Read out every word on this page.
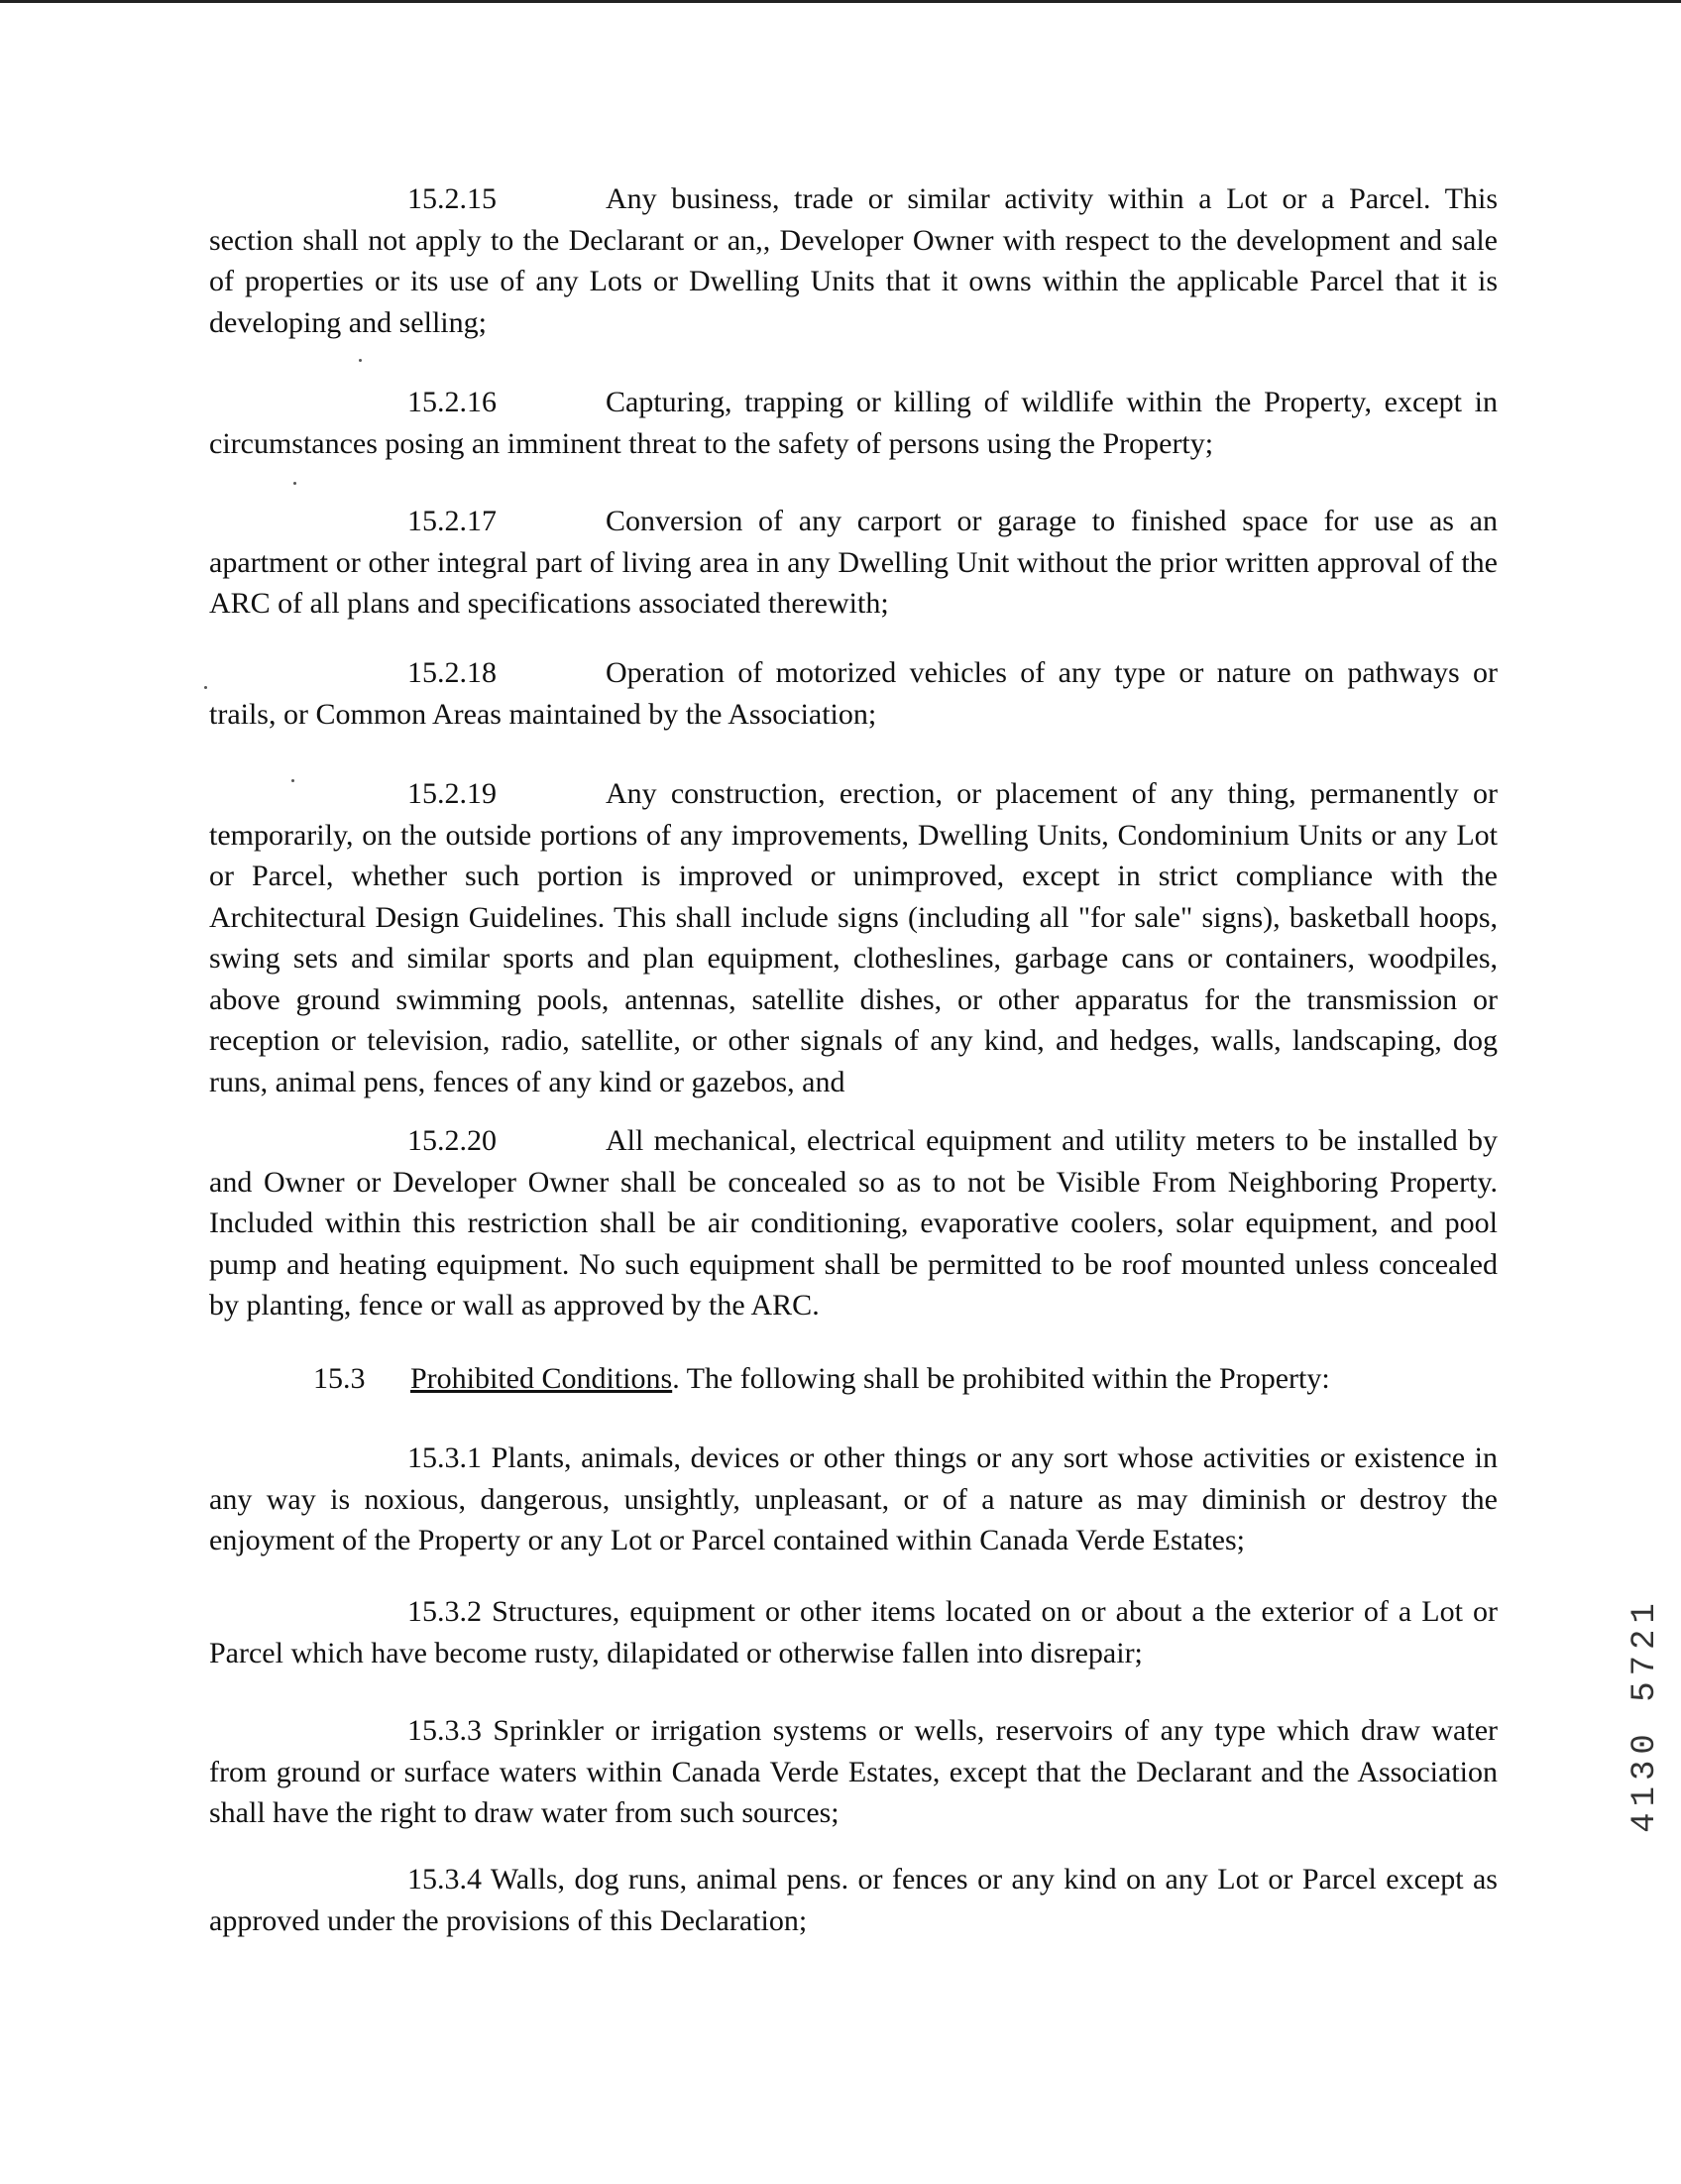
15.2.15	Any business, trade or similar activity within a Lot or a Parcel. This section shall not apply to the Declarant or an,, Developer Owner with respect to the development and sale of properties or its use of any Lots or Dwelling Units that it owns within the applicable Parcel that it is developing and selling;

15.2.16	Capturing, trapping or killing of wildlife within the Property, except in circumstances posing an imminent threat to the safety of persons using the Property;

15.2.17	Conversion of any carport or garage to finished space for use as an apartment or other integral part of living area in any Dwelling Unit without the prior written approval of the ARC of all plans and specifications associated therewith;

15.2.18	Operation of motorized vehicles of any type or nature on pathways or trails, or Common Areas maintained by the Association;

15.2.19	Any construction, erection, or placement of any thing, permanently or temporarily, on the outside portions of any improvements, Dwelling Units, Condominium Units or any Lot or Parcel, whether such portion is improved or unimproved, except in strict compliance with the Architectural Design Guidelines. This shall include signs (including all "for sale" signs), basketball hoops, swing sets and similar sports and plan equipment, clotheslines, garbage cans or containers, woodpiles, above ground swimming pools, antennas, satellite dishes, or other apparatus for the transmission or reception or television, radio, satellite, or other signals of any kind, and hedges, walls, landscaping, dog runs, animal pens, fences of any kind or gazebos, and

15.2.20	All mechanical, electrical equipment and utility meters to be installed by and Owner or Developer Owner shall be concealed so as to not be Visible From Neighboring Property. Included within this restriction shall be air conditioning, evaporative coolers, solar equipment, and pool pump and heating equipment. No such equipment shall be permitted to be roof mounted unless concealed by planting, fence or wall as approved by the ARC.

15.3 Prohibited Conditions. The following shall be prohibited within the Property:

15.3.1 Plants, animals, devices or other things or any sort whose activities or existence in any way is noxious, dangerous, unsightly, unpleasant, or of a nature as may diminish or destroy the enjoyment of the Property or any Lot or Parcel contained within Canada Verde Estates;

15.3.2 Structures, equipment or other items located on or about a the exterior of a Lot or Parcel which have become rusty, dilapidated or otherwise fallen into disrepair;

15.3.3 Sprinkler or irrigation systems or wells, reservoirs of any type which draw water from ground or surface waters within Canada Verde Estates, except that the Declarant and the Association shall have the right to draw water from such sources;

15.3.4 Walls, dog runs, animal pens. or fences or any kind on any Lot or Parcel except as approved under the provisions of this Declaration;

4130 5721
